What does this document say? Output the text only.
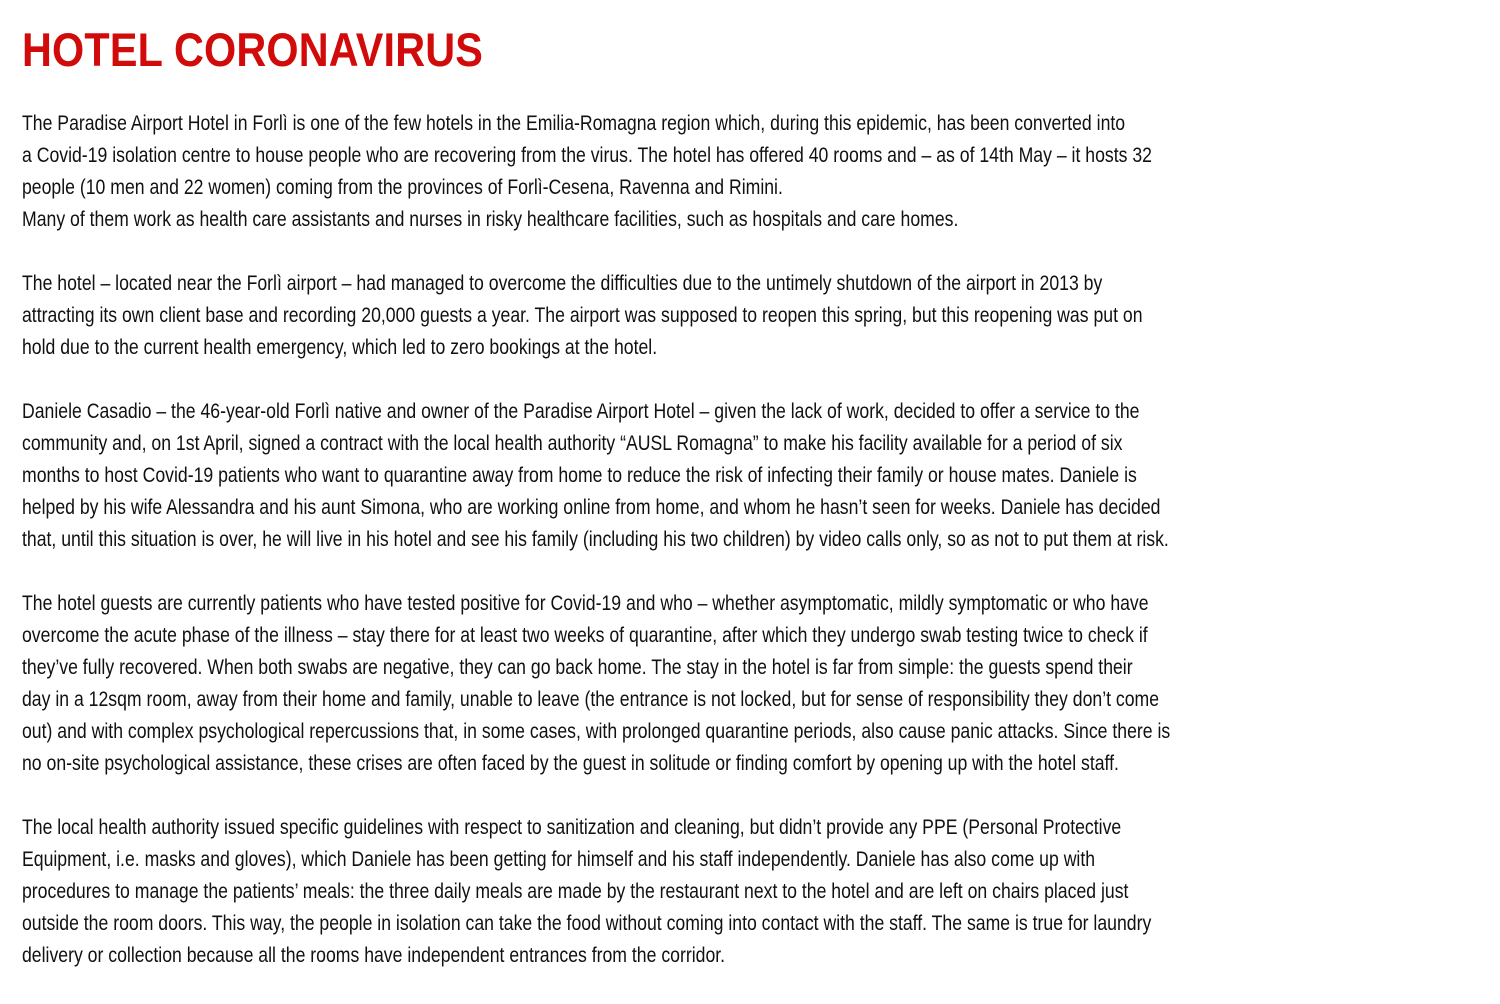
HOTEL CORONAVIRUS

The Paradise Airport Hotel in Forlì is one of the few hotels in the Emilia-Romagna region which, during this epidemic, has been converted into
a Covid-19 isolation centre to house people who are recovering from the virus. The hotel has offered 40 rooms and – as of 14th May – it hosts 32
people (10 men and 22 women) coming from the provinces of Forlì-Cesena, Ravenna and Rimini.
Many of them work as health care assistants and nurses in risky healthcare facilities, such as hospitals and care homes.

The hotel – located near the Forlì airport – had managed to overcome the difficulties due to the untimely shutdown of the airport in 2013 by
attracting its own client base and recording 20,000 guests a year. The airport was supposed to reopen this spring, but this reopening was put on
hold due to the current health emergency, which led to zero bookings at the hotel.

Daniele Casadio – the 46-year-old Forlì native and owner of the Paradise Airport Hotel – given the lack of work, decided to offer a service to the
community and, on 1st April, signed a contract with the local health authority “AUSL Romagna” to make his facility available for a period of six
months to host Covid-19 patients who want to quarantine away from home to reduce the risk of infecting their family or house mates. Daniele is
helped by his wife Alessandra and his aunt Simona, who are working online from home, and whom he hasn’t seen for weeks. Daniele has decided
that, until this situation is over, he will live in his hotel and see his family (including his two children) by video calls only, so as not to put them at risk.

The hotel guests are currently patients who have tested positive for Covid-19 and who – whether asymptomatic, mildly symptomatic or who have
overcome the acute phase of the illness – stay there for at least two weeks of quarantine, after which they undergo swab testing twice to check if
they’ve fully recovered. When both swabs are negative, they can go back home. The stay in the hotel is far from simple: the guests spend their
day in a 12sqm room, away from their home and family, unable to leave (the entrance is not locked, but for sense of responsibility they don’t come
out) and with complex psychological repercussions that, in some cases, with prolonged quarantine periods, also cause panic attacks. Since there is
no on-site psychological assistance, these crises are often faced by the guest in solitude or finding comfort by opening up with the hotel staff.

The local health authority issued specific guidelines with respect to sanitization and cleaning, but didn’t provide any PPE (Personal Protective
Equipment, i.e. masks and gloves), which Daniele has been getting for himself and his staff independently. Daniele has also come up with
procedures to manage the patients’ meals: the three daily meals are made by the restaurant next to the hotel and are left on chairs placed just
outside the room doors. This way, the people in isolation can take the food without coming into contact with the staff. The same is true for laundry
delivery or collection because all the rooms have independent entrances from the corridor.
